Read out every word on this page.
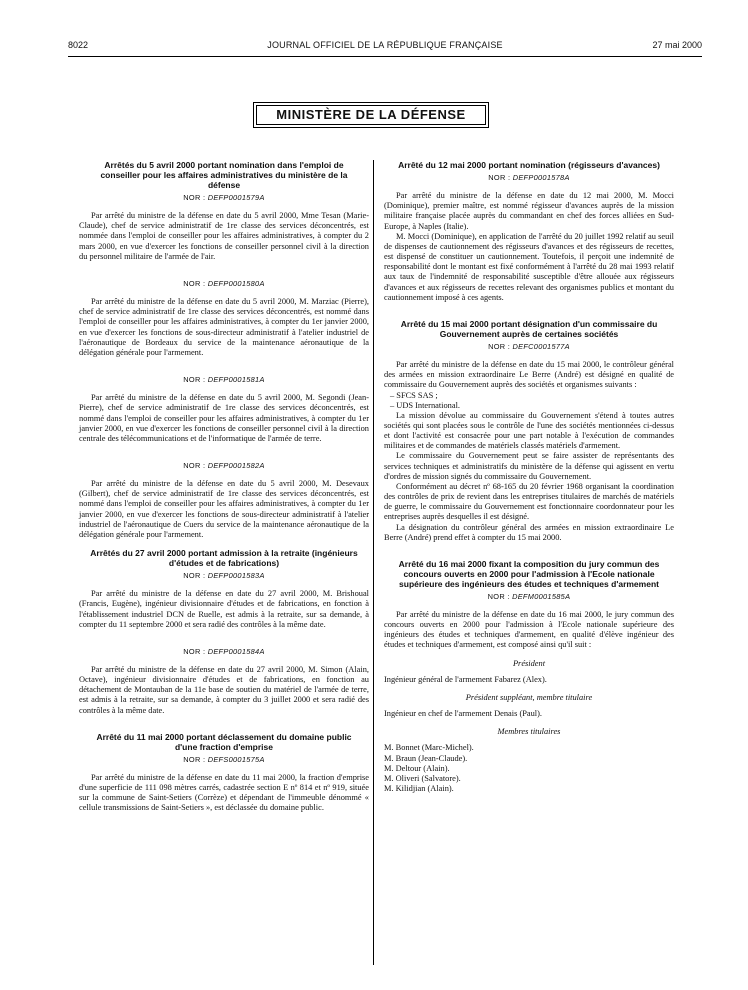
8022	JOURNAL OFFICIEL DE LA RÉPUBLIQUE FRANÇAISE	27 mai 2000
MINISTÈRE DE LA DÉFENSE
Arrêtés du 5 avril 2000 portant nomination dans l'emploi de conseiller pour les affaires administratives du ministère de la défense
NOR : DEFP0001579A

Par arrêté du ministre de la défense en date du 5 avril 2000, Mme Tesan (Marie-Claude), chef de service administratif de 1re classe des services déconcentrés, est nommée dans l'emploi de conseiller pour les affaires administratives, à compter du 2 mars 2000, en vue d'exercer les fonctions de conseiller personnel civil à la direction du personnel militaire de l'armée de l'air.

NOR : DEFP0001580A

Par arrêté du ministre de la défense en date du 5 avril 2000, M. Marziac (Pierre), chef de service administratif de 1re classe des services déconcentrés, est nommé dans l'emploi de conseiller pour les affaires administratives, à compter du 1er janvier 2000, en vue d'exercer les fonctions de sous-directeur administratif à l'atelier industriel de l'aéronautique de Bordeaux du service de la maintenance aéronautique de la délégation générale pour l'armement.

NOR : DEFP0001581A

Par arrêté du ministre de la défense en date du 5 avril 2000, M. Segondi (Jean-Pierre), chef de service administratif de 1re classe des services déconcentrés, est nommé dans l'emploi de conseiller pour les affaires administratives, à compter du 1er janvier 2000, en vue d'exercer les fonctions de conseiller personnel civil à la direction centrale des télécommunications et de l'informatique de l'armée de terre.

NOR : DEFP0001582A

Par arrêté du ministre de la défense en date du 5 avril 2000, M. Desevaux (Gilbert), chef de service administratif de 1re classe des services déconcentrés, est nommé dans l'emploi de conseiller pour les affaires administratives, à compter du 1er janvier 2000, en vue d'exercer les fonctions de sous-directeur administratif à l'atelier industriel de l'aéronautique de Cuers du service de la maintenance aéronautique de la délégation générale pour l'armement.

Arrêtés du 27 avril 2000 portant admission à la retraite (ingénieurs d'études et de fabrications)
NOR : DEFP0001583A

Par arrêté du ministre de la défense en date du 27 avril 2000, M. Brishoual (Francis, Eugène), ingénieur divisionnaire d'études et de fabrications, en fonction à l'établissement industriel DCN de Ruelle, est admis à la retraite, sur sa demande, à compter du 11 septembre 2000 et sera radié des contrôles à la même date.

NOR : DEFP0001584A

Par arrêté du ministre de la défense en date du 27 avril 2000, M. Simon (Alain, Octave), ingénieur divisionnaire d'études et de fabrications, en fonction au détachement de Montauban de la 11e base de soutien du matériel de l'armée de terre, est admis à la retraite, sur sa demande, à compter du 3 juillet 2000 et sera radié des contrôles à la même date.

Arrêté du 11 mai 2000 portant déclassement du domaine public d'une fraction d'emprise
NOR : DEFS0001575A

Par arrêté du ministre de la défense en date du 11 mai 2000, la fraction d'emprise d'une superficie de 111 098 mètres carrés, cadastrée section E nº 814 et nº 919, située sur la commune de Saint-Setiers (Corrèze) et dépendant de l'immeuble dénommé « cellule transmissions de Saint-Setiers », est déclassée du domaine public.

Arrêté du 12 mai 2000 portant nomination (régisseurs d'avances)
NOR : DEFP0001578A

Par arrêté du ministre de la défense en date du 12 mai 2000, M. Mocci (Dominique), premier maître, est nommé régisseur d'avances auprès de la mission militaire française placée auprès du commandant en chef des forces alliées en Sud-Europe, à Naples (Italie).

M. Mocci (Dominique), en application de l'arrêté du 20 juillet 1992 relatif au seuil de dispenses de cautionnement des régisseurs d'avances et des régisseurs de recettes, est dispensé de constituer un cautionnement. Toutefois, il perçoit une indemnité de responsabilité dont le montant est fixé conformément à l'arrêté du 28 mai 1993 relatif aux taux de l'indemnité de responsabilité susceptible d'être allouée aux régisseurs d'avances et aux régisseurs de recettes relevant des organismes publics et montant du cautionnement imposé à ces agents.

Arrêté du 15 mai 2000 portant désignation d'un commissaire du Gouvernement auprès de certaines sociétés
NOR : DEFC0001577A

Par arrêté du ministre de la défense en date du 15 mai 2000, le contrôleur général des armées en mission extraordinaire Le Berre (André) est désigné en qualité de commissaire du Gouvernement auprès des sociétés et organismes suivants :

– SFCS SAS ;

– UDS International.

La mission dévolue au commissaire du Gouvernement s'étend à toutes autres sociétés qui sont placées sous le contrôle de l'une des sociétés mentionnées ci-dessus et dont l'activité est consacrée pour une part notable à l'exécution de commandes militaires et de commandes de matériels classés matériels d'armement.

Le commissaire du Gouvernement peut se faire assister de représentants des services techniques et administratifs du ministère de la défense qui agissent en vertu d'ordres de mission signés du commissaire du Gouvernement.

Conformément au décret nº 68-165 du 20 février 1968 organisant la coordination des contrôles de prix de revient dans les entreprises titulaires de marchés de matériels de guerre, le commissaire du Gouvernement est fonctionnaire coordonnateur pour les entreprises auprès desquelles il est désigné.

La désignation du contrôleur général des armées en mission extraordinaire Le Berre (André) prend effet à compter du 15 mai 2000.

Arrêté du 16 mai 2000 fixant la composition du jury commun des concours ouverts en 2000 pour l'admission à l'Ecole nationale supérieure des ingénieurs des études et techniques d'armement
NOR : DEFM0001585A

Par arrêté du ministre de la défense en date du 16 mai 2000, le jury commun des concours ouverts en 2000 pour l'admission à l'Ecole nationale supérieure des ingénieurs des études et techniques d'armement, en qualité d'élève ingénieur des études et techniques d'armement, est composé ainsi qu'il suit :

Président

Ingénieur général de l'armement Fabarez (Alex).

Président suppléant, membre titulaire

Ingénieur en chef de l'armement Denais (Paul).

Membres titulaires

M. Bonnet (Marc-Michel).

M. Braun (Jean-Claude).

M. Deltour (Alain).

M. Oliveri (Salvatore).

M. Kilidjian (Alain).
